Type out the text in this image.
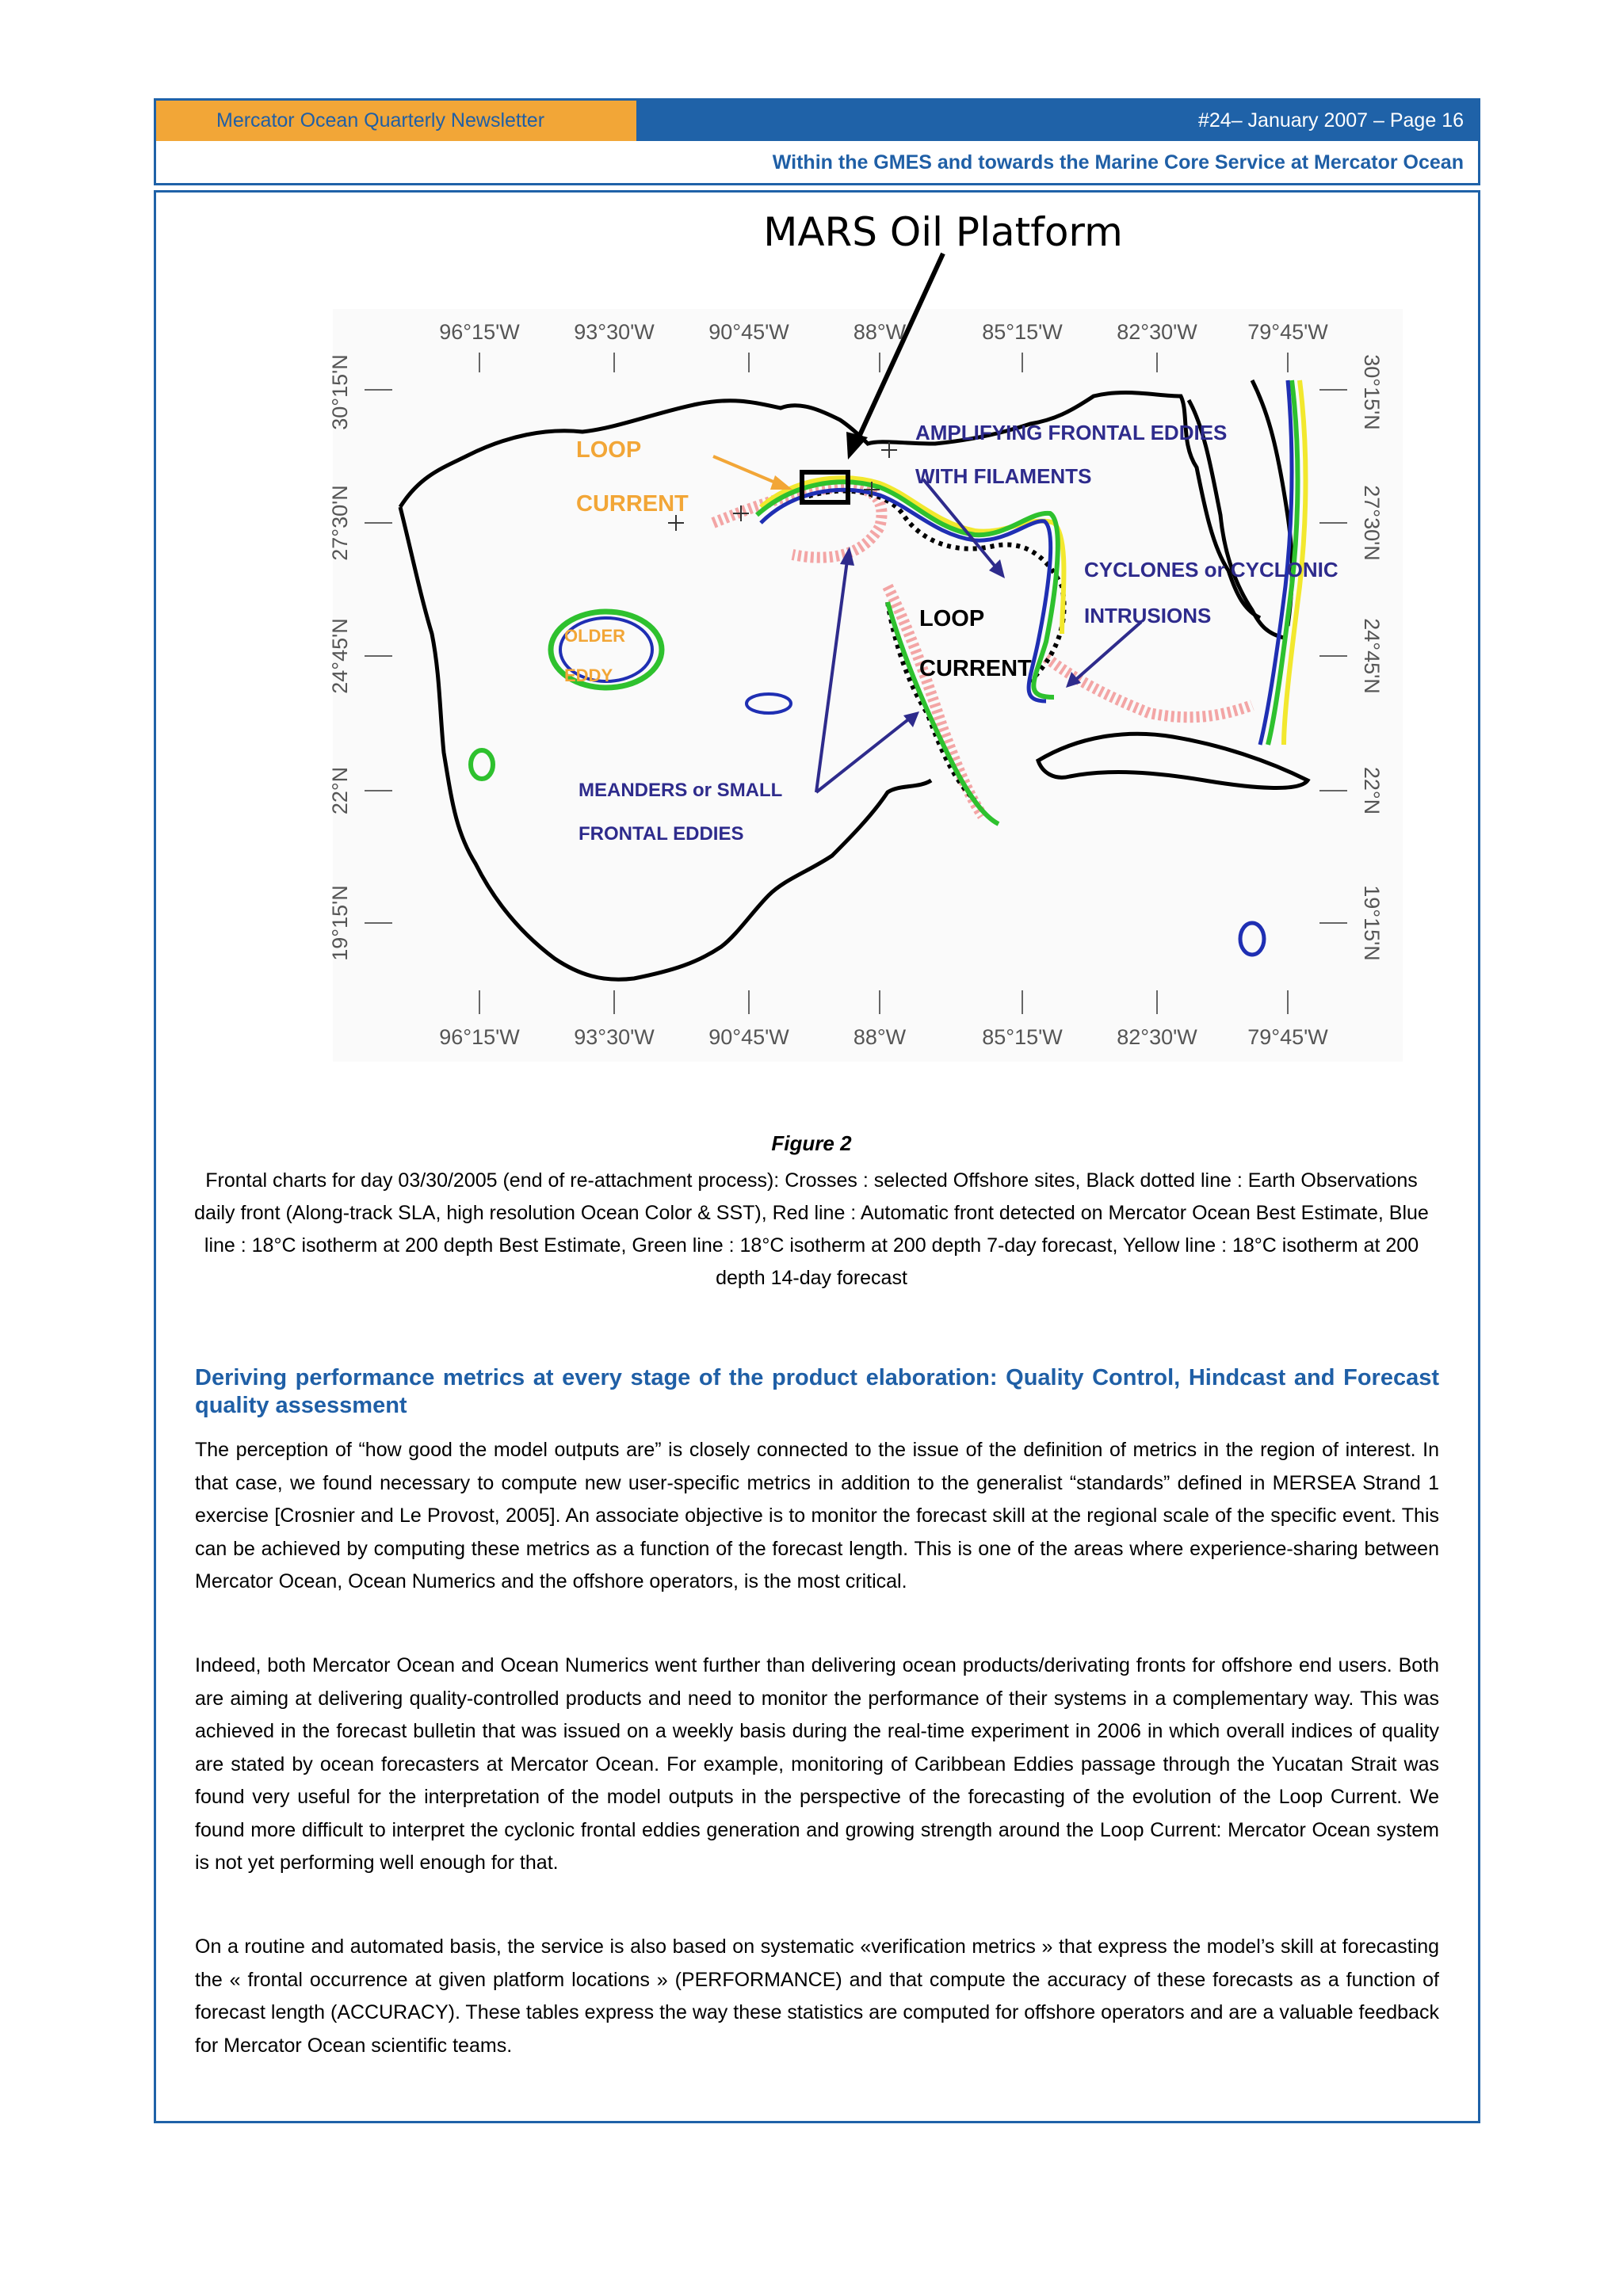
Mercator Ocean Quarterly Newsletter	#24– January 2007 – Page 16
Within the GMES and towards the Marine Core Service at Mercator Ocean
MARS Oil Platform
96°15'W	93°30'W	90°45'W	88°W	85°15'W	82°30'W 79°45'W
96°15'W	93°30'W	90°45'W	88°W	85°15'W	82°30'W 79°45'W
30°15'N
27°30'N
24°45'N
22°N
19°15'N
30°15'N
27°30'N
24°45'N
22°N
19°15'N
LOOP
CURRENT
AMPLIFYING FRONTAL EDDIES
WITH FILAMENTS
CYCLONES or CYCLONIC
INTRUSIONS
LOOP
CURRENT
OLDER
EDDY
MEANDERS or SMALL
FRONTAL EDDIES
Figure 2
Frontal charts for day 03/30/2005 (end of re-attachment process): Crosses : selected Offshore sites, Black dotted line : Earth Observations daily front (Along-track SLA, high resolution Ocean Color & SST), Red line : Automatic front detected on Mercator Ocean Best Estimate, Blue line : 18°C isotherm at 200 depth Best Estimate, Green line : 18°C isotherm at 200 depth 7-day forecast, Yellow line : 18°C isotherm at 200 depth 14-day forecast
Deriving performance metrics at every stage of the product elaboration: Quality Control, Hindcast and Forecast quality assessment

The perception of “how good the model outputs are” is closely connected to the issue of the definition of metrics in the region of interest. In that case, we found necessary to compute new user-specific metrics in addition to the generalist “standards” defined in MERSEA Strand 1 exercise [Crosnier and Le Provost, 2005]. An associate objective is to monitor the forecast skill at the regional scale of the specific event. This can be achieved by computing these metrics as a function of the forecast length. This is one of the areas where experience-sharing between Mercator Ocean, Ocean Numerics and the offshore operators, is the most critical.

Indeed, both Mercator Ocean and Ocean Numerics went further than delivering ocean products/derivating fronts for offshore end users. Both are aiming at delivering quality-controlled products and need to monitor the performance of their systems in a complementary way. This was achieved in the forecast bulletin that was issued on a weekly basis during the real-time experiment in 2006 in which overall indices of quality are stated by ocean forecasters at Mercator Ocean. For example, monitoring of Caribbean Eddies passage through the Yucatan Strait was found very useful for the interpretation of the model outputs in the perspective of the forecasting of the evolution of the Loop Current. We found more difficult to interpret the cyclonic frontal eddies generation and growing strength around the Loop Current: Mercator Ocean system is not yet performing well enough for that.

On a routine and automated basis, the service is also based on systematic «verification metrics » that express the model’s skill at forecasting the « frontal occurrence at given platform locations » (PERFORMANCE) and that compute the accuracy of these forecasts as a function of forecast length (ACCURACY). These tables express the way these statistics are computed for offshore operators and are a valuable feedback for Mercator Ocean scientific teams.
